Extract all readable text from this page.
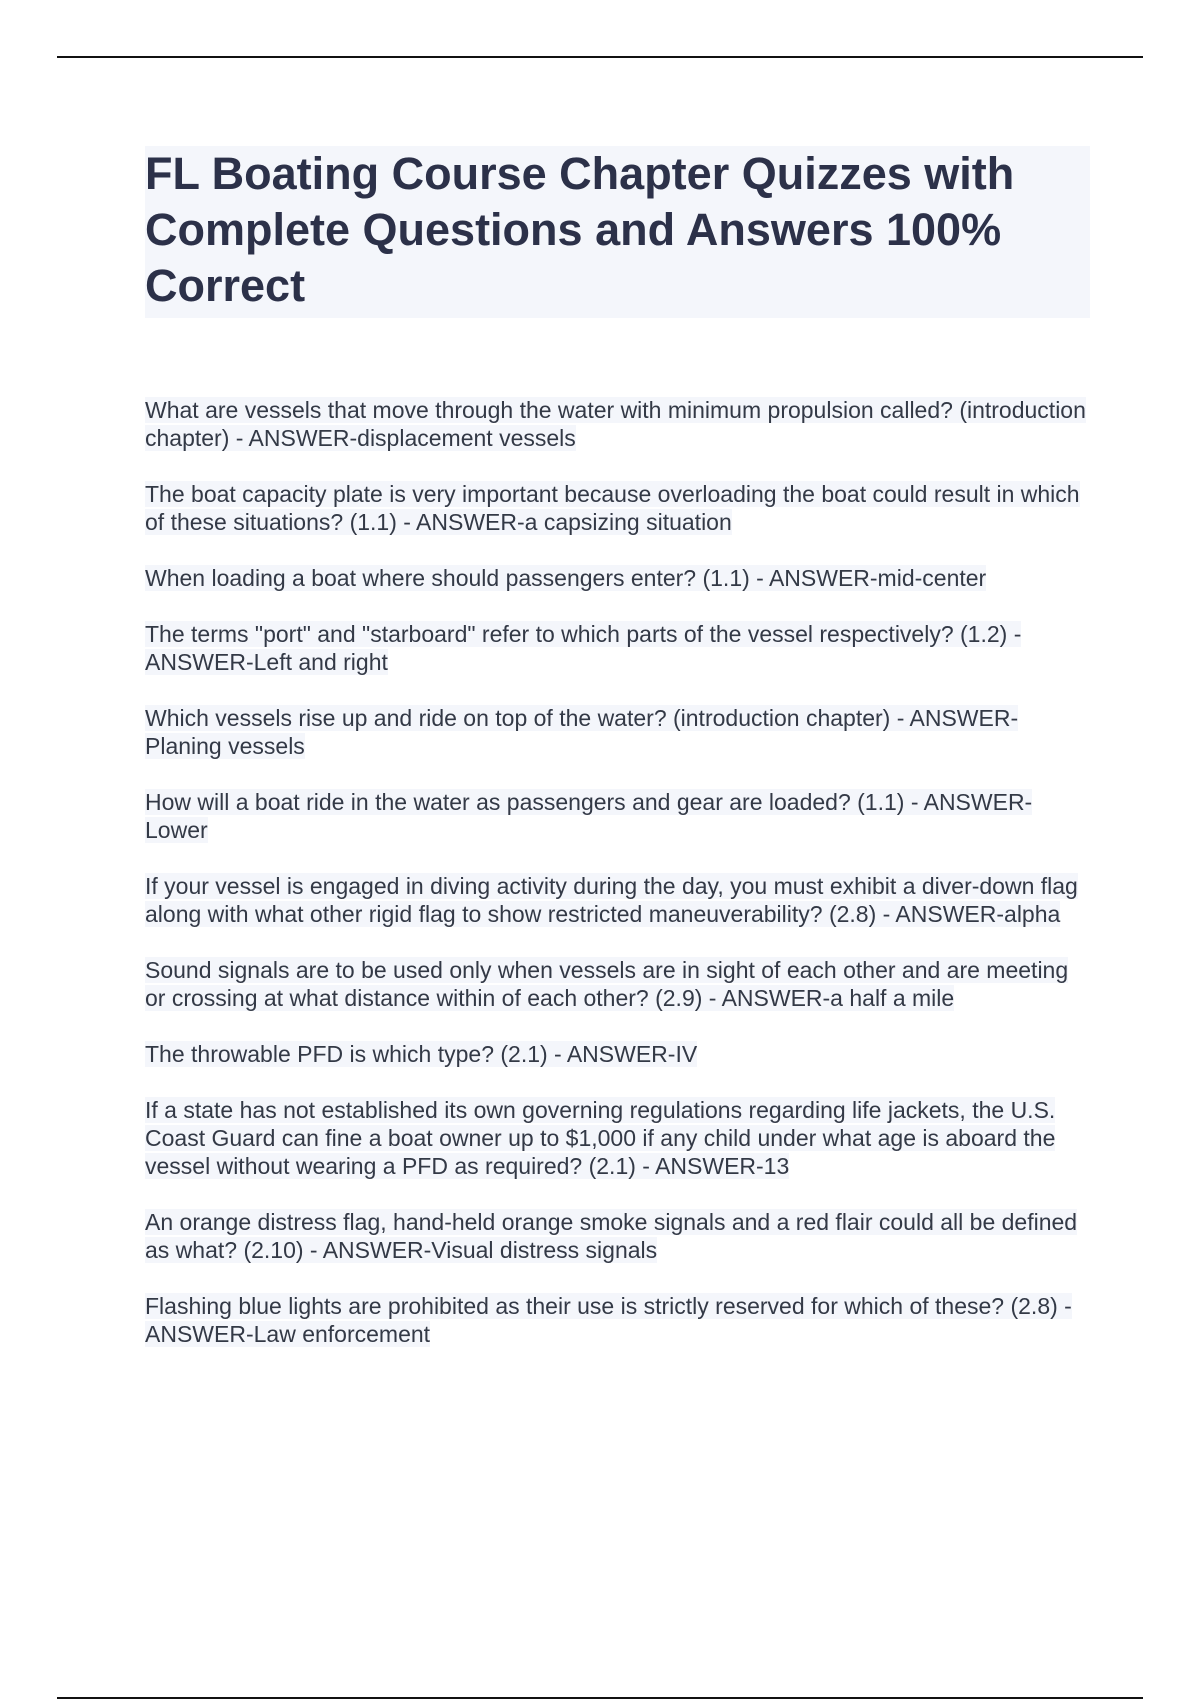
FL Boating Course Chapter Quizzes with Complete Questions and Answers 100% Correct
What are vessels that move through the water with minimum propulsion called? (introduction chapter) - ANSWER-displacement vessels
The boat capacity plate is very important because overloading the boat could result in which of these situations? (1.1) - ANSWER-a capsizing situation
When loading a boat where should passengers enter? (1.1) - ANSWER-mid-center
The terms "port" and "starboard" refer to which parts of the vessel respectively? (1.2) - ANSWER-Left and right
Which vessels rise up and ride on top of the water? (introduction chapter) - ANSWER-Planing vessels
How will a boat ride in the water as passengers and gear are loaded? (1.1) - ANSWER-Lower
If your vessel is engaged in diving activity during the day, you must exhibit a diver-down flag along with what other rigid flag to show restricted maneuverability? (2.8) - ANSWER-alpha
Sound signals are to be used only when vessels are in sight of each other and are meeting or crossing at what distance within of each other? (2.9) - ANSWER-a half a mile
The throwable PFD is which type? (2.1) - ANSWER-IV
If a state has not established its own governing regulations regarding life jackets, the U.S. Coast Guard can fine a boat owner up to $1,000 if any child under what age is aboard the vessel without wearing a PFD as required? (2.1) - ANSWER-13
An orange distress flag, hand-held orange smoke signals and a red flair could all be defined as what? (2.10) - ANSWER-Visual distress signals
Flashing blue lights are prohibited as their use is strictly reserved for which of these? (2.8) - ANSWER-Law enforcement
